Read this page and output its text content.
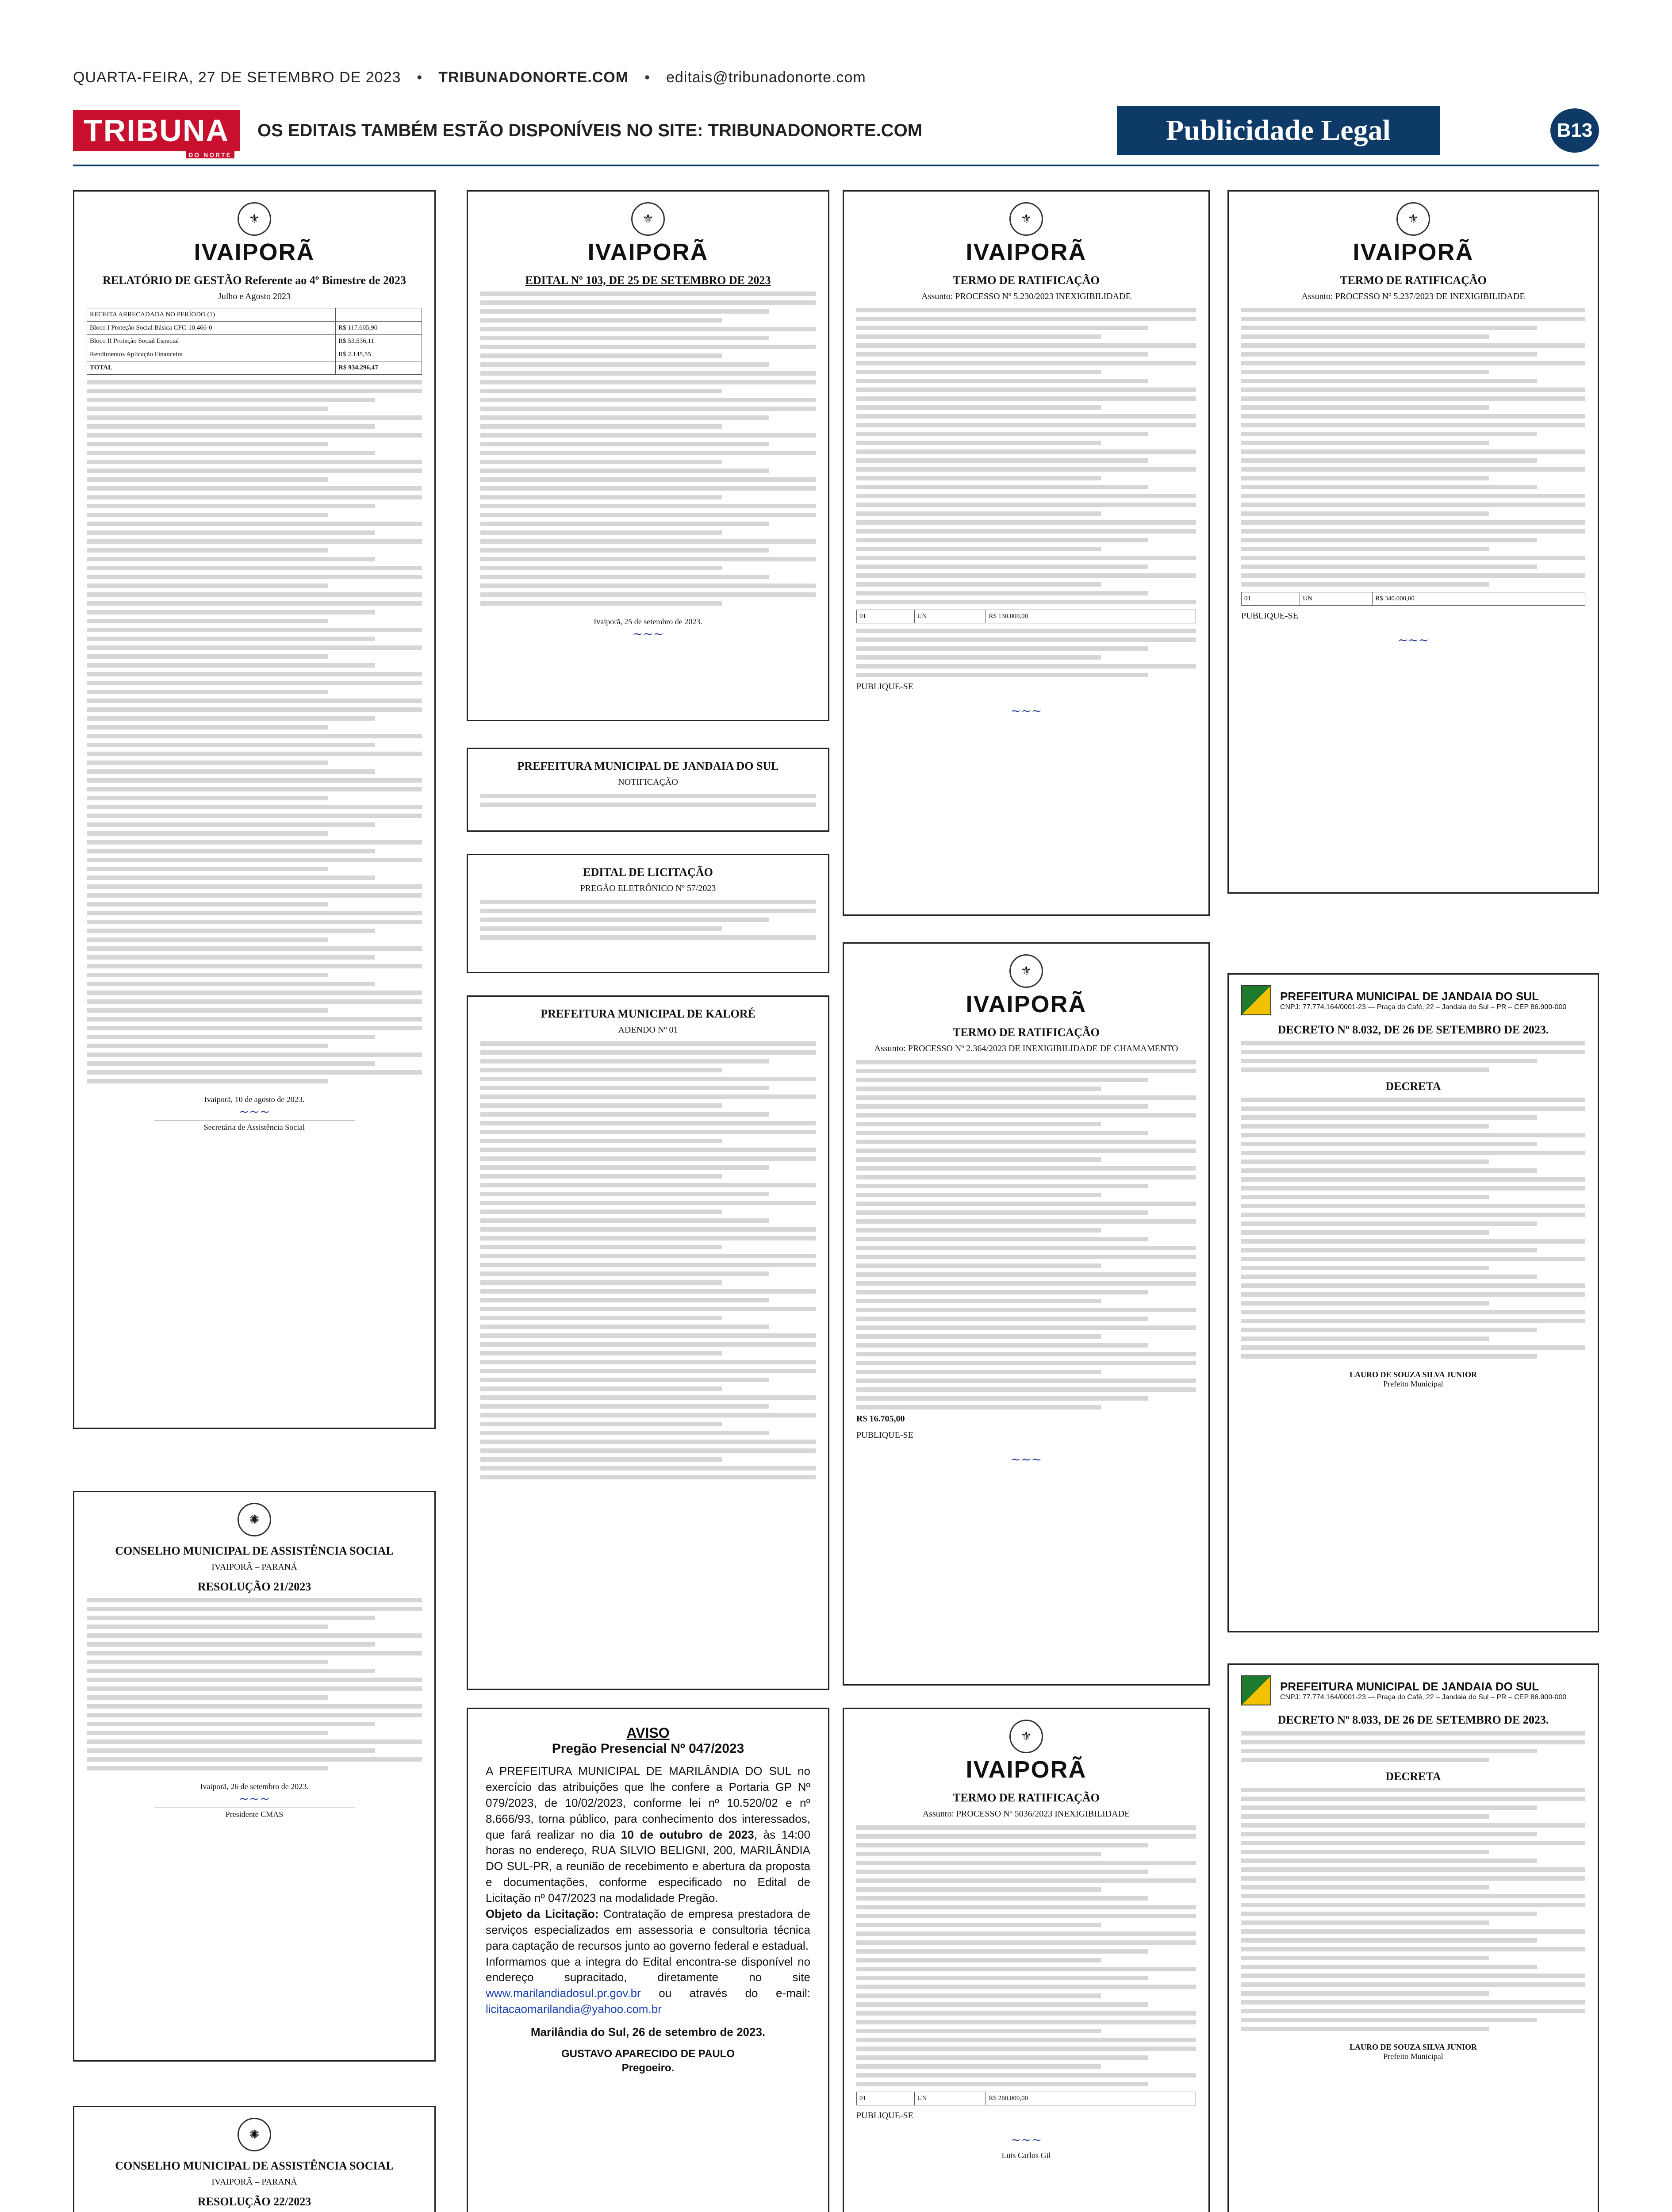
QUARTA-FEIRA, 27 DE SETEMBRO DE 2023 • TRIBUNADONORTE.COM • editais@tribunadonorte.com
TRIBUNA
DO NORTE
OS EDITAIS TAMBÉM ESTÃO DISPONÍVEIS NO SITE: TRIBUNADONORTE.COM	Publicidade Legal	B13
⚜
IVAIPORÃ
RELATÓRIO DE GESTÃO Referente ao 4º Bimestre de 2023
Julho e Agosto 2023
RECEITA ARRECADADA NO PERÍODO (1)	
Bloco I Proteção Social Básica CFC-10.466-0	R$ 117.605,90
Bloco II Proteção Social Especial	R$ 53.536,11
Rendimentos Aplicação Financeira	R$ 2.145,55
TOTAL	R$ 934.296,47
Ivaiporã, 10 de agosto de 2023.
~~~
Secretária de Assistência Social
✺
CONSELHO MUNICIPAL DE ASSISTÊNCIA SOCIAL
IVAIPORÃ – PARANÁ
RESOLUÇÃO 21/2023
Ivaiporã, 26 de setembro de 2023.
~~~
Presidente CMAS
✺
CONSELHO MUNICIPAL DE ASSISTÊNCIA SOCIAL
IVAIPORÃ – PARANÁ
RESOLUÇÃO 22/2023
⚜
IVAIPORÃ
EDITAL Nº 103, DE 25 DE SETEMBRO DE 2023
Ivaiporã, 25 de setembro de 2023.
~~~
PREFEITURA MUNICIPAL DE JANDAIA DO SUL
NOTIFICAÇÃO
EDITAL DE LICITAÇÃO
PREGÃO ELETRÔNICO Nº 57/2023
PREFEITURA MUNICIPAL DE KALORÉ
ADENDO Nº 01
AVISO
Pregão Presencial Nº 047/2023
A PREFEITURA MUNICIPAL DE MARILÂNDIA DO SUL no exercício das atribuições que lhe confere a Portaria GP Nº 079/2023, de 10/02/2023, conforme lei nº 10.520/02 e nº 8.666/93, torna público, para conhecimento dos interessados, que fará realizar no dia 10 de outubro de 2023, às 14:00 horas no endereço, RUA SILVIO BELIGNI, 200, MARILÂNDIA DO SUL-PR, a reunião de recebimento e abertura da proposta e documentações, conforme especificado no Edital de Licitação nº 047/2023 na modalidade Pregão.
Objeto da Licitação: Contratação de empresa prestadora de serviços especializados em assessoria e consultoria técnica para captação de recursos junto ao governo federal e estadual.
Informamos que a integra do Edital encontra-se disponível no endereço supracitado, diretamente no site www.marilandiadosul.pr.gov.br ou através do e-mail: licitacaomarilandia@yahoo.com.br
Marilândia do Sul, 26 de setembro de 2023.
GUSTAVO APARECIDO DE PAULO
Pregoeiro.

⚜
IVAIPORÃ
TERMO DE RATIFICAÇÃO
Assunto: PROCESSO Nº 5.230/2023 INEXIGIBILIDADE
01	UN	R$ 130.000,00
PUBLIQUE-SE
~~~
⚜
IVAIPORÃ
TERMO DE RATIFICAÇÃO
Assunto: PROCESSO Nº 2.364/2023 DE INEXIGIBILIDADE DE CHAMAMENTO
R$ 16.705,00
PUBLIQUE-SE
~~~
⚜
IVAIPORÃ
TERMO DE RATIFICAÇÃO
Assunto: PROCESSO Nº 5036/2023 INEXIGIBILIDADE
01	UN	R$ 260.000,00
PUBLIQUE-SE
~~~
Luis Carlos Gil
⚜
IVAIPORÃ
TERMO DE RATIFICAÇÃO
Assunto: PROCESSO Nº 5.237/2023 DE INEXIGIBILIDADE
01	UN	R$ 340.000,00
PUBLIQUE-SE
~~~
PREFEITURA MUNICIPAL DE JANDAIA DO SUL
CNPJ: 77.774.164/0001-23 — Praça do Café, 22 – Jandaia do Sul – PR – CEP 86.900-000
DECRETO Nº 8.032, DE 26 DE SETEMBRO DE 2023.
DECRETA
LAURO DE SOUZA SILVA JUNIOR
Prefeito Municipal
PREFEITURA MUNICIPAL DE JANDAIA DO SUL
CNPJ: 77.774.164/0001-23 — Praça do Café, 22 – Jandaia do Sul – PR – CEP 86.900-000
DECRETO Nº 8.033, DE 26 DE SETEMBRO DE 2023.
DECRETA
LAURO DE SOUZA SILVA JUNIOR
Prefeito Municipal
